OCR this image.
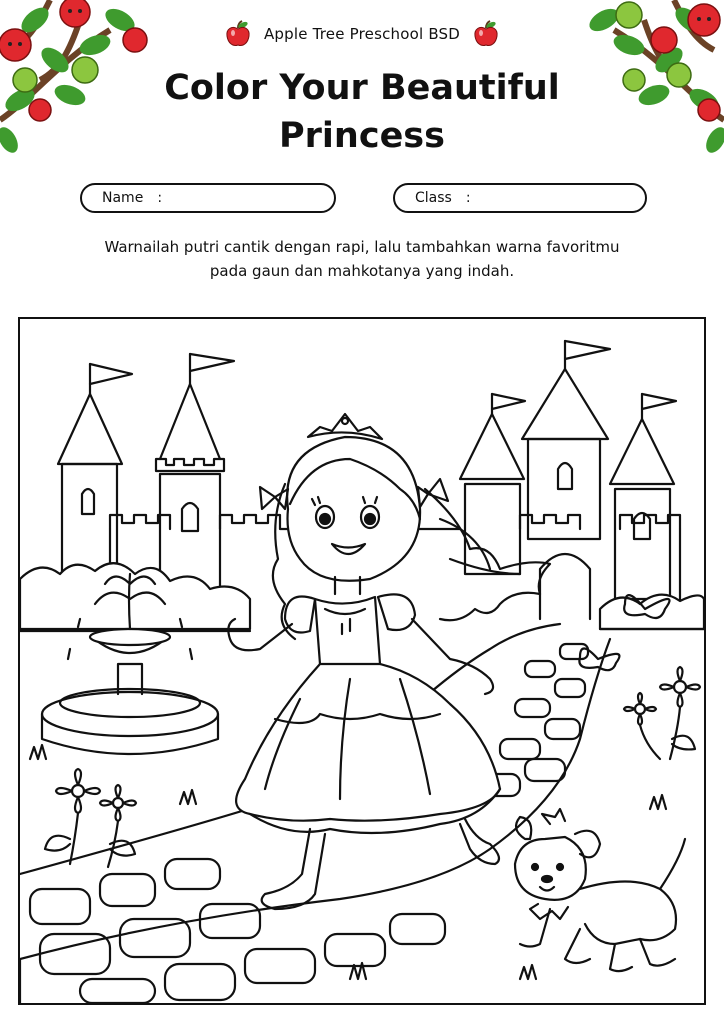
Apple Tree Preschool BSD
Color Your Beautiful
Princess
Name :	Class :
Warnailah putri cantik dengan rapi, lalu tambahkan warna favoritmu
pada gaun dan mahkotanya yang indah.
